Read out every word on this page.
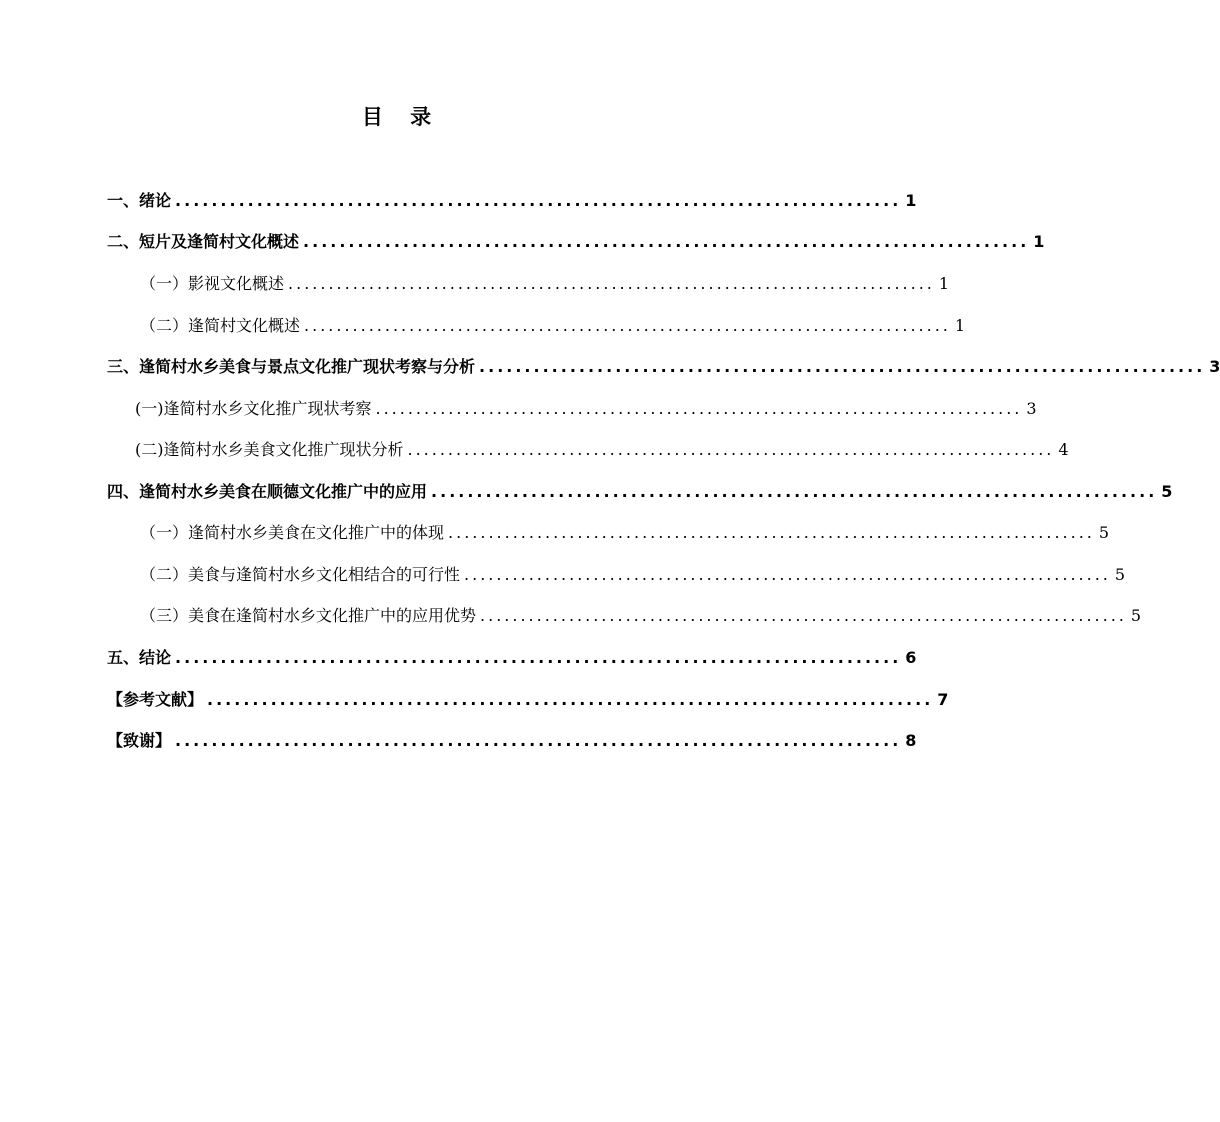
目 录
一、 绪论 ................................................................................ 1
二、 短片及逢简村文化概述 ................................................................................ 1
（一）影视文化概述 ................................................................................ 1
（二）逢简村文化概述 ................................................................................ 1
三、 逢简村水乡美食与景点文化推广现状考察与分析 ................................................................................ 3
(一)逢简村水乡文化推广现状考察 ................................................................................ 3
(二)逢简村水乡美食文化推广现状分析 ................................................................................ 4
四、 逢简村水乡美食在顺德文化推广中的应用 ................................................................................ 5
（一）逢简村水乡美食在文化推广中的体现 ................................................................................ 5
（二）美食与逢简村水乡文化相结合的可行性 ................................................................................ 5
（三）美食在逢简村水乡文化推广中的应用优势 ................................................................................ 5
五、 结论 ................................................................................ 6
【参考文献】 ................................................................................ 7
【致谢】 ................................................................................ 8
